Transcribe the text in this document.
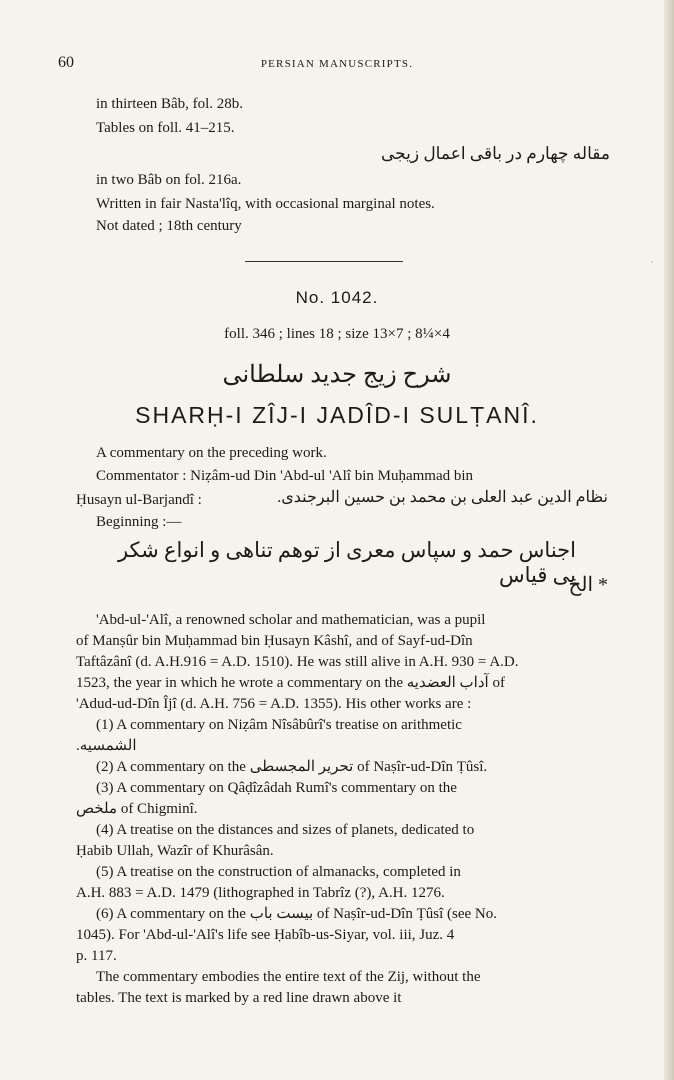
60	PERSIAN MANUSCRIPTS.
in thirteen Bâb, fol. 28b.
Tables on foll. 41–215.
مقاله چهارم در باقی اعمال زیجی
in two Bâb on fol. 216a.
Written in fair Nasta'lîq, with occasional marginal notes.
Not dated ; 18th century
˙
No. 1042.
foll. 346 ; lines 18 ; size 13×7 ; 8¼×4
شرح زیج جدید سلطانی
SHARḤ-I ZÎJ-I JADÎD-I SULṬANÎ.
A commentary on the preceding work.
Commentator : Niẓâm-ud Din 'Abd-ul 'Alî bin Muḥammad bin
Ḥusayn ul-Barjandî :	نظام الدین عبد العلی بن محمد بن حسین البرجندی.
Beginning :—
اجناس حمد و سپاس معری از توهم تناهی و انواع شکر بی قیاس
* الخ
'Abd-ul-'Alî, a renowned scholar and mathematician, was a pupil
of Manṣûr bin Muḥammad bin Ḥusayn Kâshî, and of Sayf-ud-Dîn
Taftâzânî (d. A.H.916 = A.D. 1510). He was still alive in A.H. 930 = A.D.
1523, the year in which he wrote a commentary on the آداب العضدیه of
'Adud-ud-Dîn Îjî (d. A.H. 756 = A.D. 1355). His other works are :
(1) A commentary on Niẓâm Nîsâbûrî's treatise on arithmetic
الشمسیه.
(2) A commentary on the تحریر المجسطی of Naṣîr-ud-Dîn Ṭûsî.
(3) A commentary on Qâḍîzâdah Rumî's commentary on the
ملخص of Chigminî.
(4) A treatise on the distances and sizes of planets, dedicated to
Ḥabib Ullah, Wazîr of Khurâsân.
(5) A treatise on the construction of almanacks, completed in
A.H. 883 = A.D. 1479 (lithographed in Tabrîz (?), A.H. 1276.
(6) A commentary on the بیست باب of Naṣîr-ud-Dîn Ṭûsî (see No.
1045). For 'Abd-ul-'Alî's life see Ḥabîb-us-Siyar, vol. iii, Juz. 4
p. 117.
The commentary embodies the entire text of the Zij, without the
tables. The text is marked by a red line drawn above it
